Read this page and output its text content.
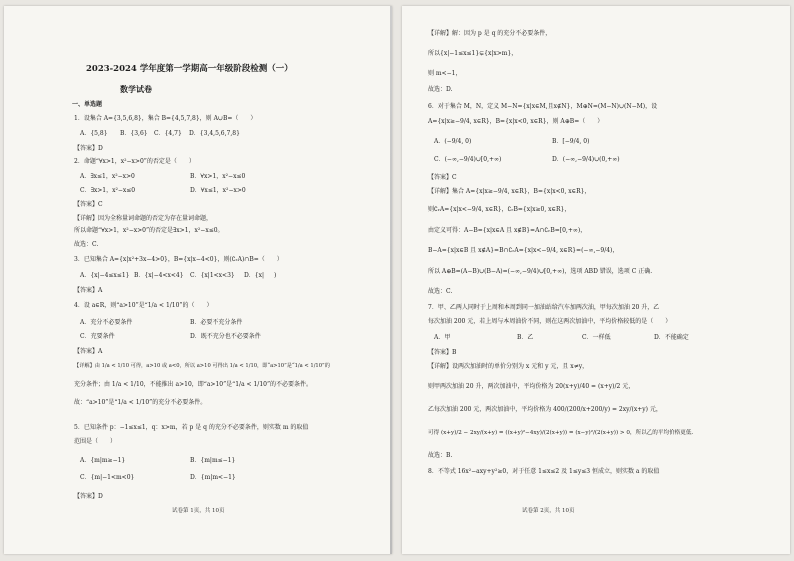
2023-2024 学年度第一学期高一年级阶段检测（一）
数学试卷
一、单选题
1．设集合 A={3,5,6,8}，集合 B={4,5,7,8}，则 A∪B=（　　）
A．{5,8} B．{3,6} C．{4,7} D．{3,4,5,6,7,8}
【答案】D
2．命题“∀x>1，x²−x>0”的否定是（　　）
A．∃x≤1，x²−x>0	B．∀x>1，x²−x≤0
C．∃x>1，x²−x≤0	D．∀x≤1，x²−x>0
【答案】C
【详解】因为全称量词命题的否定为存在量词命题，
所以命题“∀x>1，x²−x>0”的否定是∃x>1，x²−x≤0。
故选：C.
3．已知集合 A={x|x²+3x−4>0}，B={x|x−4<0}，则(∁ᵣA)∩B=（　　）
A．{x|−4≤x≤1} B．{x|−4<x<4} C．{x|1<x<3} D．{x| )
【答案】A
4．设 a∈R，则“a>10”是“1/a < 1/10”的（　　）
A．充分不必要条件	B．必要不充分条件
C．充要条件	D．既不充分也不必要条件
【答案】A
【详解】由 1/a < 1/10 可得，a>10 或 a<0，所以 a>10 可得出 1/a < 1/10，即“a>10”是“1/a < 1/10”的
充分条件；由 1/a < 1/10，不能推出 a>10，即“a>10”是“1/a < 1/10”的不必要条件。
故：“a>10”是“1/a < 1/10”的充分不必要条件。
5．已知条件 p：−1≤x≤1，q：x>m，若 p 是 q 的充分不必要条件，则实数 m 的取值
范围是（　　）
A．{m|m≥−1}	B．{m|m≤−1}
C．{m|−1<m<0}	D．{m|m<−1}
【答案】D
试卷第 1页，共 10页
【详解】解：因为 p 是 q 的充分不必要条件，
所以{x|−1≤x≤1}⊊{x|x>m}，
则 m<−1，
故选：D.
6．对于集合 M，N，定义 M−N={x|x∈M,且x∉N}，M⊕N=(M−N)∪(N−M)，设
A={x|x≥−9/4, x∈R}，B={x|x<0, x∈R}，则 A⊕B=（　　）
A．(−9/4, 0)	B．[−9/4, 0)
C．(−∞,−9/4)∪[0,+∞)	D．(−∞,−9/4)∪(0,+∞)
【答案】C
【详解】集合 A={x|x≥−9/4, x∈R}，B={x|x<0, x∈R}，
则∁ᵣA={x|x<−9/4, x∈R}，∁ᵣB={x|x≥0, x∈R}，
由定义可得：A−B={x|x∈A 且 x∉B}=A∩∁ᵣB=[0,+∞)，
B−A={x|x∈B 且 x∉A}=B∩∁ᵣA={x|x<−9/4, x∈R}=(−∞,−9/4)，
所以 A⊕B=(A−B)∪(B−A)=(−∞,−9/4)∪[0,+∞)，选项 ABD 错误，选项 C 正确.
故选：C.
7．甲、乙两人同时于上周和本周到同一加油站给汽车加两次油，甲每次加油 20 升，乙
每次加油 200 元，若上周与本周油价不同，则在这两次加油中，平均价格较低的是（　　）
A．甲	B．乙	C．一样低	D．不能确定
【答案】B
【详解】设两次加油时的单价分别为 x 元和 y 元，且 x≠y，
则甲两次加油 20 升，两次加油中，平均价格为 20(x+y)/40 = (x+y)/2 元，
乙每次加油 200 元，两次加油中，平均价格为 400/(200/x+200/y) = 2xy/(x+y) 元，
可得 (x+y)/2 − 2xy/(x+y) = ((x+y)²−4xy)/(2(x+y)) = (x−y)²/(2(x+y)) > 0，所以乙的平均价格更低.
故选：B.
8．不等式 16x²−axy+y²≥0，对于任意 1≤x≤2 及 1≤y≤3 恒成立，则实数 a 的取值
试卷第 2页，共 10页
